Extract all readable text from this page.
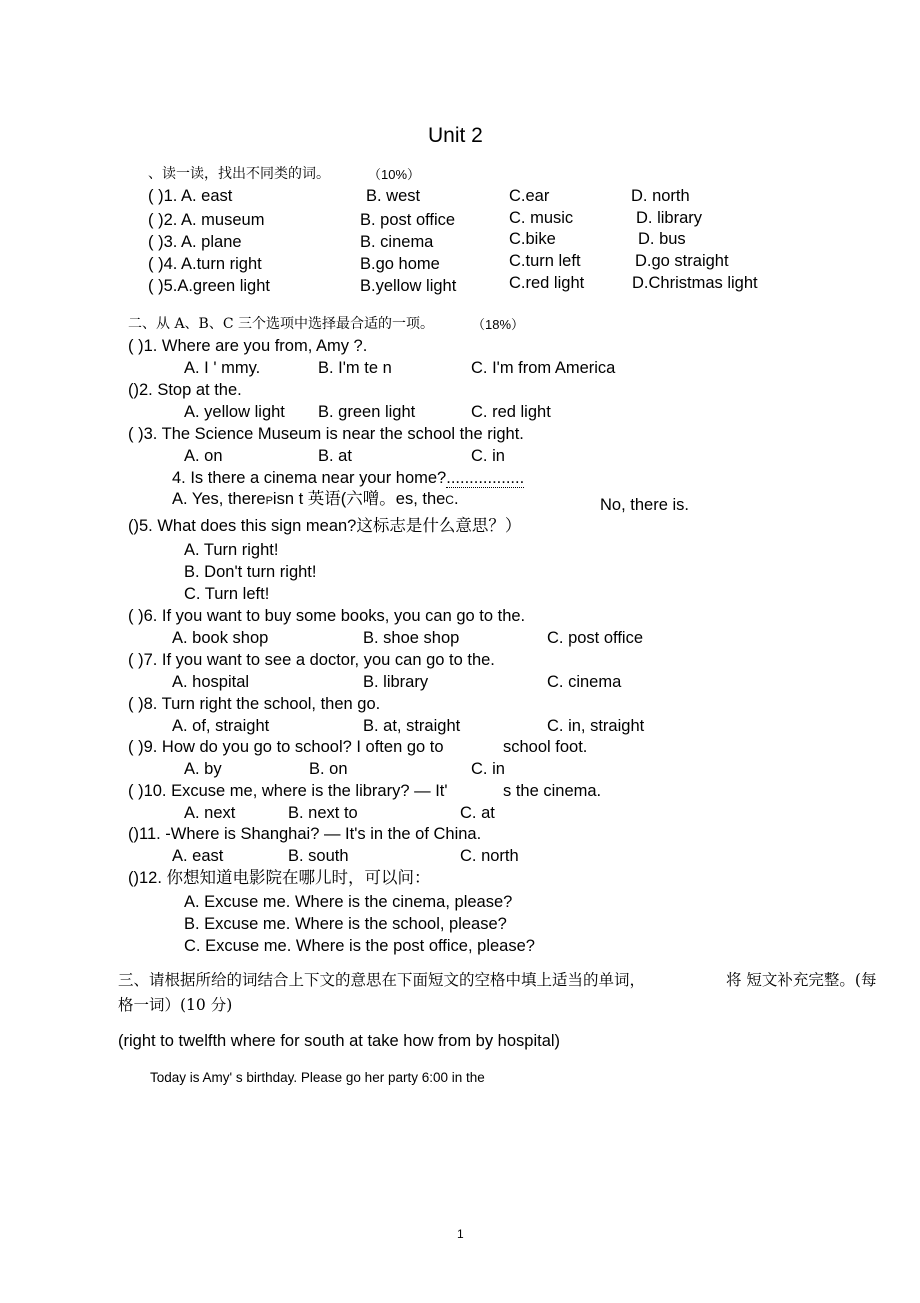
Unit 2
、读一读，找出不同类的词。	（10%）
( )1. A. east	B. west	C.ear	D. north
( )2. A. museum	B. post office	C. music	D. library
( )3. A. plane	B. cinema	C.bike	D. bus
( )4. A.turn right	B.go home	C.turn left	D.go straight
( )5.A.green light	B.yellow light	C.red light	D.Christmas light
二、从 A、B、C 三个选项中选择最合适的一项。	（18%）
( )1. Where are you from, Amy ?.
A. I ' mmy.	B. I'm te n	C. I'm from America
()2. Stop at the.
A. yellow light B. green light	C. red light
( )3. The Science Museum is near the school the right.
A. on	B. at	C. in
4. Is there a cinema near your home?.................
A. Yes, therePisn t 英语(六噌。es, theC.	No, there is.
()5. What does this sign mean?这标志是什么意思？）
A. Turn right!
B. Don't turn right!
C. Turn left!
( )6. If you want to buy some books, you can go to the.
A. book shop	B. shoe shop	C. post office
( )7. If you want to see a doctor, you can go to the.
A. hospital	B. library	C. cinema
( )8. Turn right the school, then go.
A. of, straight	B. at, straight	C. in, straight
( )9. How do you go to school? I often go to	school foot.
A. by	B. on	C. in
( )10. Excuse me, where is the library? — It'	s the cinema.
A. next	B. next to	C. at
()11. -Where is Shanghai? — It's in the of China.
A. east	B. south	C. north
()12. 你想知道电影院在哪儿时，可以问：
A. Excuse me. Where is the cinema, please?
B. Excuse me. Where is the school, please?
C. Excuse me. Where is the post office, please?
三、请根据所给的词结合上下文的意思在下面短文的空格中填上适当的单词，	将 短文补充完整。(每
格一词）(10 分)
(right to twelfth where for south at take how from by hospital)
Today is Amy' s birthday. Please go her party 6:00 in the
1
